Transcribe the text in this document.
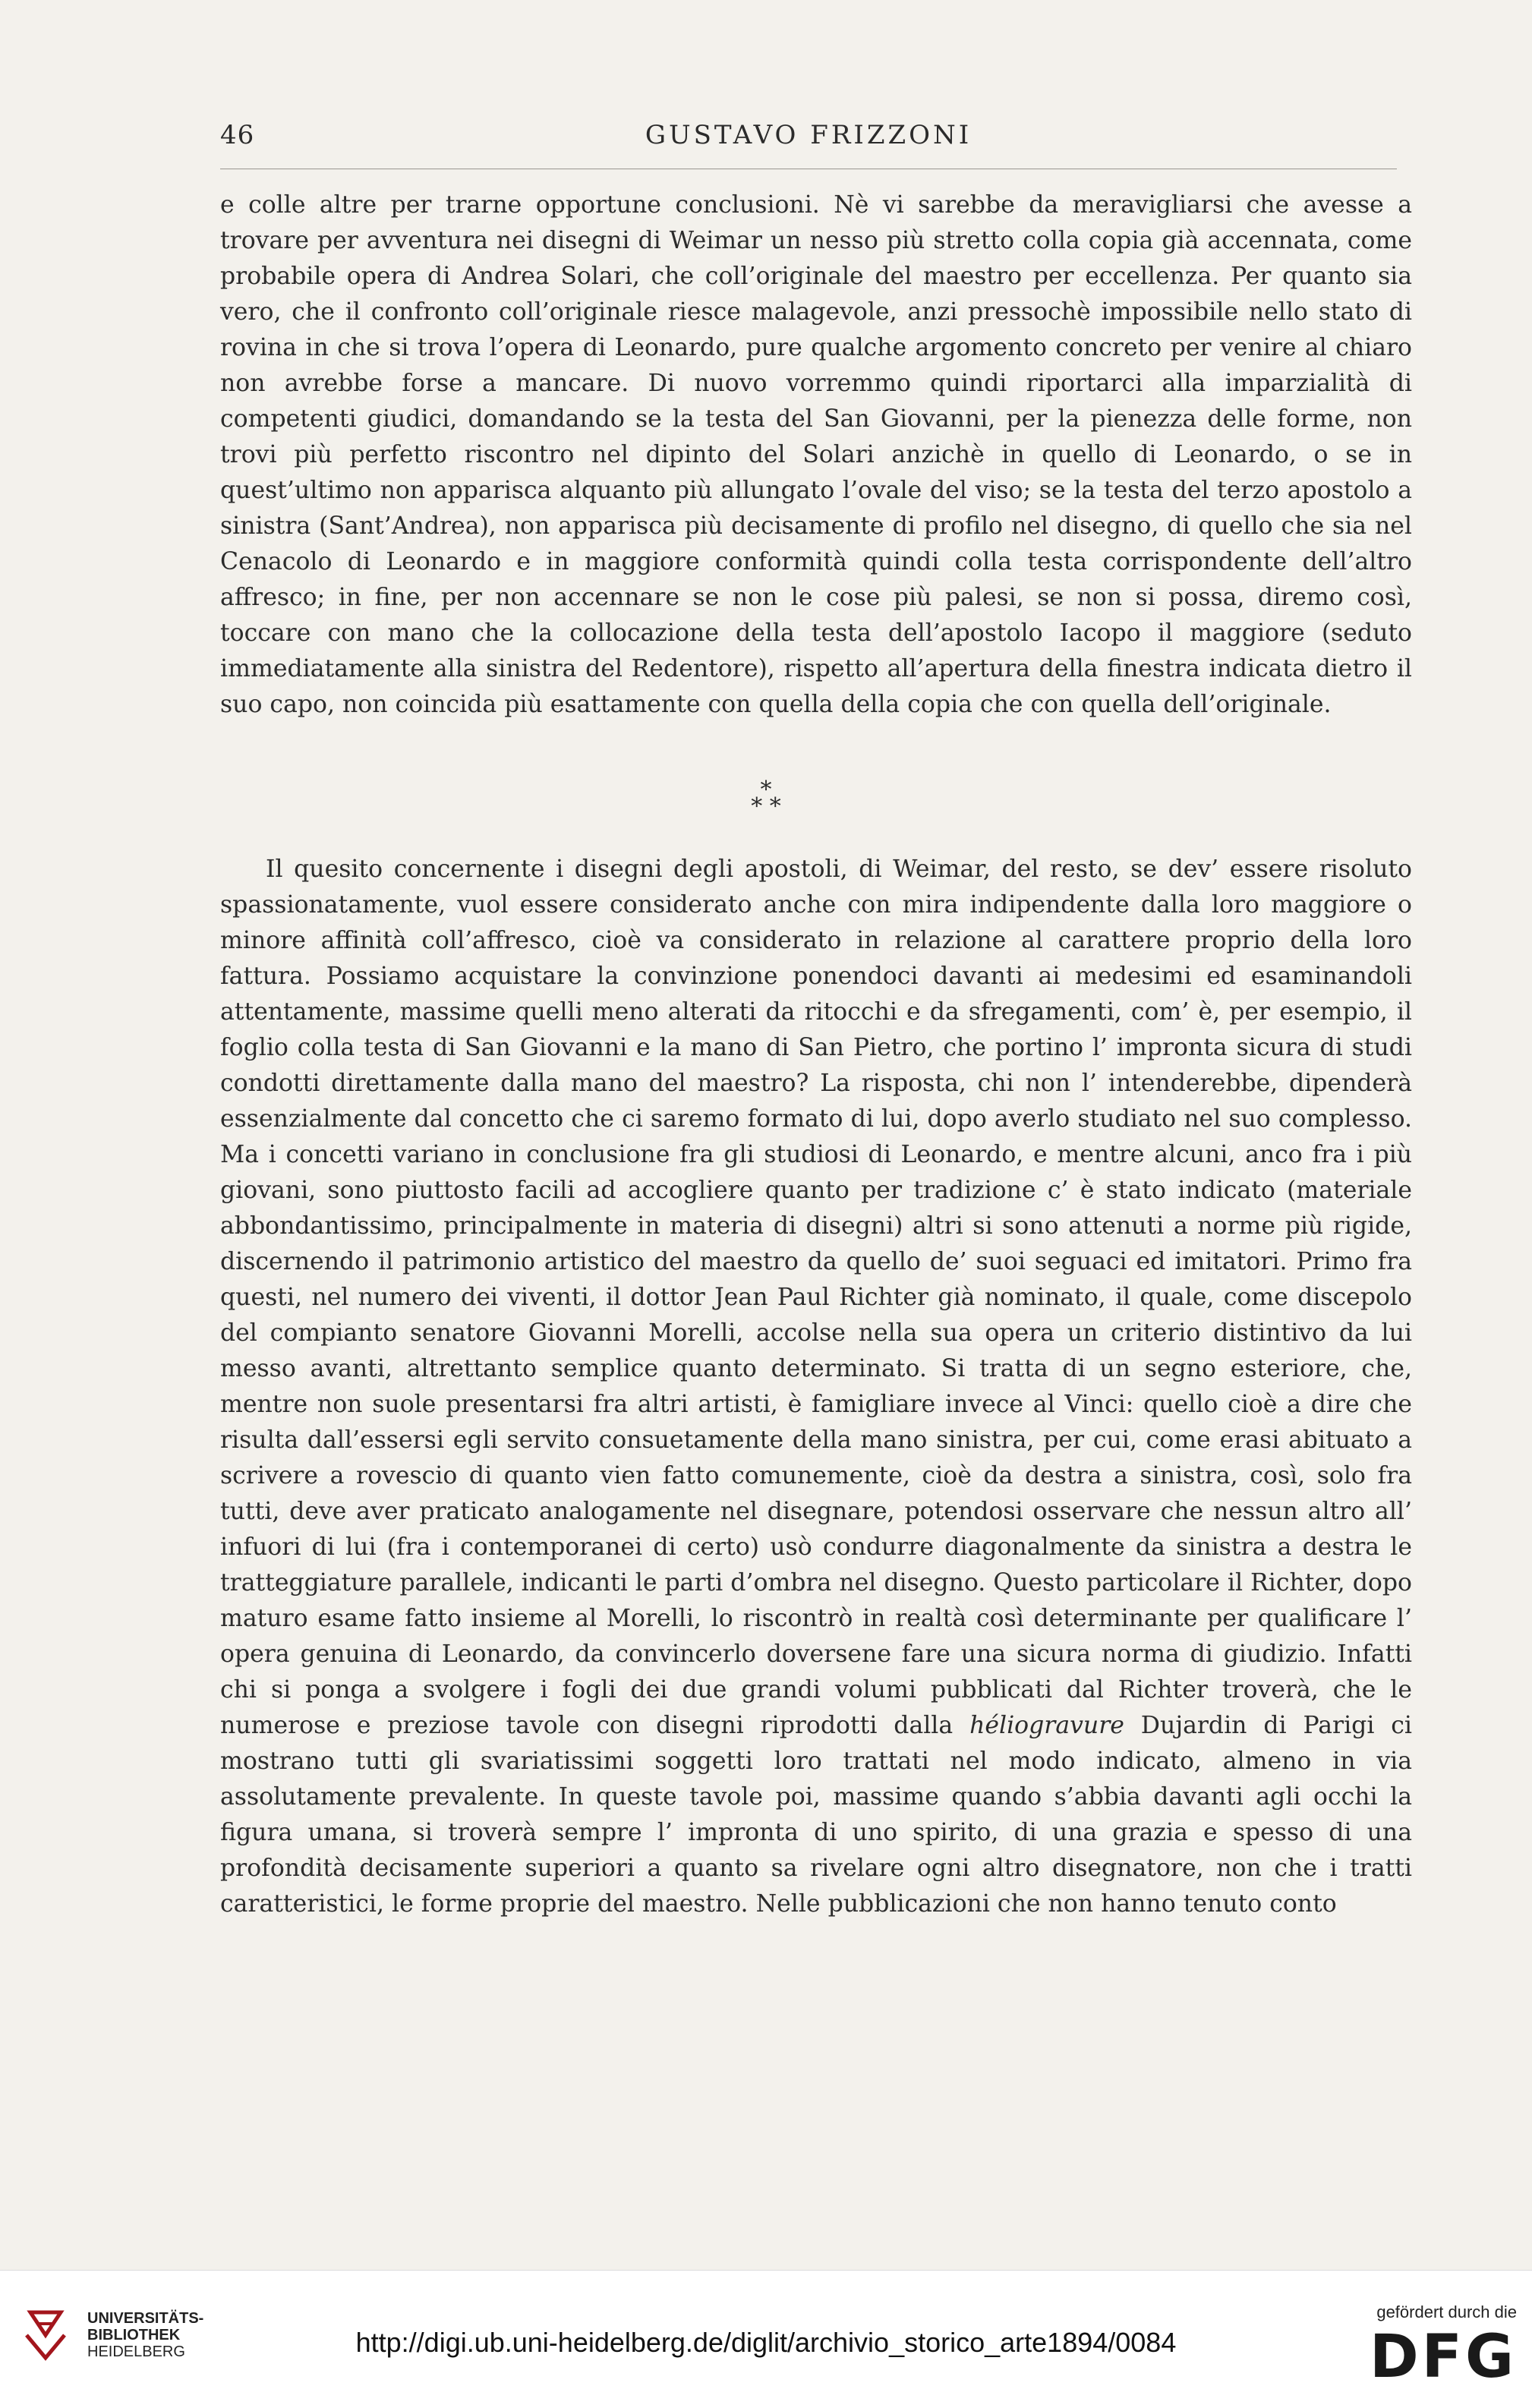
46	GUSTAVO FRIZZONI

e colle altre per trarne opportune conclusioni. Nè vi sarebbe da meravigliarsi che avesse a trovare per avventura nei disegni di Weimar un nesso più stretto colla copia già accennata, come probabile opera di Andrea Solari, che coll’originale del maestro per eccellenza. Per quanto sia vero, che il confronto coll’originale riesce malagevole, anzi pressochè impossibile nello stato di rovina in che si trova l’opera di Leonardo, pure qualche argomento concreto per venire al chiaro non avrebbe forse a mancare. Di nuovo vorremmo quindi riportarci alla imparzialità di competenti giudici, domandando se la testa del San Giovanni, per la pienezza delle forme, non trovi più perfetto riscontro nel dipinto del Solari anzichè in quello di Leonardo, o se in quest’ultimo non apparisca alquanto più allungato l’ovale del viso; se la testa del terzo apostolo a sinistra (Sant’Andrea), non apparisca più decisamente di profilo nel disegno, di quello che sia nel Cenacolo di Leonardo e in maggiore conformità quindi colla testa corrispondente dell’altro affresco; in fine, per non accennare se non le cose più palesi, se non si possa, diremo così, toccare con mano che la collocazione della testa dell’apostolo Iacopo il maggiore (seduto immediatamente alla sinistra del Redentore), rispetto all’apertura della finestra indicata dietro il suo capo, non coincida più esattamente con quella della copia che con quella dell’originale.

*
* *

Il quesito concernente i disegni degli apostoli, di Weimar, del resto, se dev’ essere risoluto spassionatamente, vuol essere considerato anche con mira indipendente dalla loro maggiore o minore affinità coll’affresco, cioè va considerato in relazione al carattere proprio della loro fattura. Possiamo acquistare la convinzione ponendoci davanti ai medesimi ed esaminandoli attentamente, massime quelli meno alterati da ritocchi e da sfregamenti, com’ è, per esempio, il foglio colla testa di San Giovanni e la mano di San Pietro, che portino l’ impronta sicura di studi condotti direttamente dalla mano del maestro? La risposta, chi non l’ intenderebbe, dipenderà essenzialmente dal concetto che ci saremo formato di lui, dopo averlo studiato nel suo complesso. Ma i concetti variano in conclusione fra gli studiosi di Leonardo, e mentre alcuni, anco fra i più giovani, sono piuttosto facili ad accogliere quanto per tradizione c’ è stato indicato (materiale abbondantissimo, principalmente in materia di disegni) altri si sono attenuti a norme più rigide, discernendo il patrimonio artistico del maestro da quello de’ suoi seguaci ed imitatori. Primo fra questi, nel numero dei viventi, il dottor Jean Paul Richter già nominato, il quale, come discepolo del compianto senatore Giovanni Morelli, accolse nella sua opera un criterio distintivo da lui messo avanti, altrettanto semplice quanto determinato. Si tratta di un segno esteriore, che, mentre non suole presentarsi fra altri artisti, è famigliare invece al Vinci: quello cioè a dire che risulta dall’essersi egli servito consuetamente della mano sinistra, per cui, come erasi abituato a scrivere a rovescio di quanto vien fatto comunemente, cioè da destra a sinistra, così, solo fra tutti, deve aver praticato analogamente nel disegnare, potendosi osservare che nessun altro all’ infuori di lui (fra i contemporanei di certo) usò condurre diagonalmente da sinistra a destra le tratteggiature parallele, indicanti le parti d’ombra nel disegno. Questo particolare il Richter, dopo maturo esame fatto insieme al Morelli, lo riscontrò in realtà così determinante per qualificare l’ opera genuina di Leonardo, da convincerlo doversene fare una sicura norma di giudizio. Infatti chi si ponga a svolgere i fogli dei due grandi volumi pubblicati dal Richter troverà, che le numerose e preziose tavole con disegni riprodotti dalla héliogravure Dujardin di Parigi ci mostrano tutti gli svariatissimi soggetti loro trattati nel modo indicato, almeno in via assolutamente prevalente. In queste tavole poi, massime quando s’abbia davanti agli occhi la figura umana, si troverà sempre l’ impronta di uno spirito, di una grazia e spesso di una profondità decisamente superiori a quanto sa rivelare ogni altro disegnatore, non che i tratti caratteristici, le forme proprie del maestro. Nelle pubblicazioni che non hanno tenuto conto

UNIVERSITÄTS-
BIBLIOTHEK
HEIDELBERG	http://digi.ub.uni-heidelberg.de/diglit/archivio_storico_arte1894/0084
gefördert durch die
DFG
